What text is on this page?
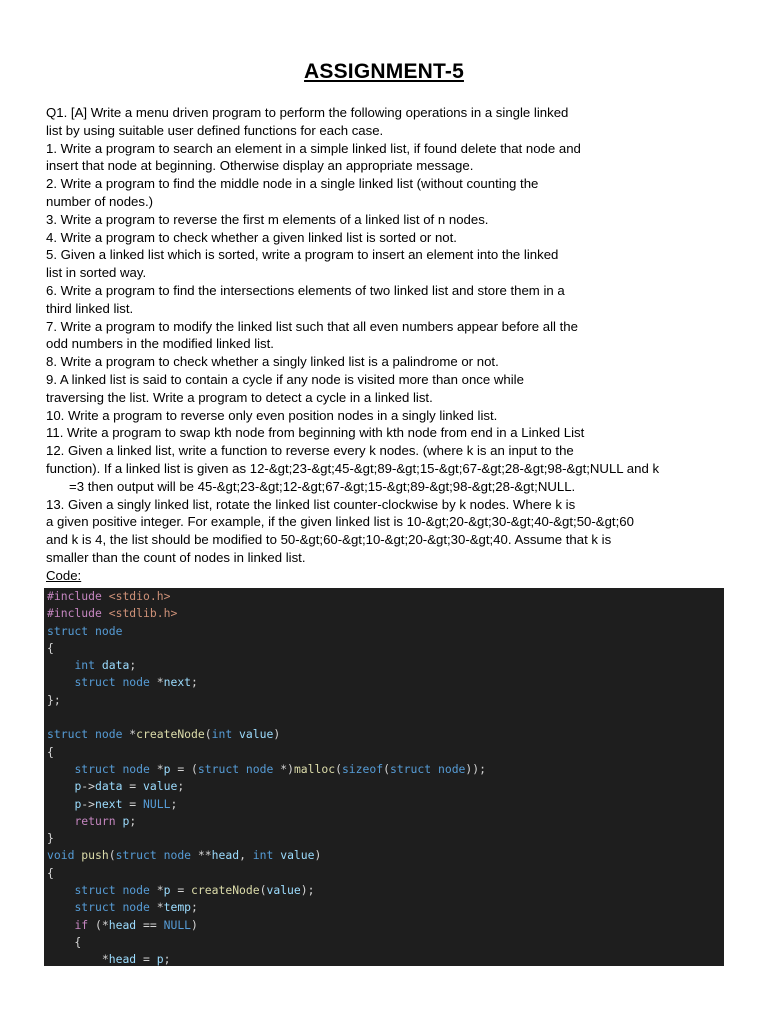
ASSIGNMENT-5
Q1. [A] Write a menu driven program to perform the following operations in a single linked
list by using suitable user defined functions for each case.
1. Write a program to search an element in a simple linked list, if found delete that node and
insert that node at beginning. Otherwise display an appropriate message.
2. Write a program to find the middle node in a single linked list (without counting the
number of nodes.)
3. Write a program to reverse the first m elements of a linked list of n nodes.
4. Write a program to check whether a given linked list is sorted or not.
5. Given a linked list which is sorted, write a program to insert an element into the linked
list in sorted way.
6. Write a program to find the intersections elements of two linked list and store them in a
third linked list.
7. Write a program to modify the linked list such that all even numbers appear before all the
odd numbers in the modified linked list.
8. Write a program to check whether a singly linked list is a palindrome or not.
9. A linked list is said to contain a cycle if any node is visited more than once while
traversing the list. Write a program to detect a cycle in a linked list.
10. Write a program to reverse only even position nodes in a singly linked list.
11. Write a program to swap kth node from beginning with kth node from end in a Linked List
12. Given a linked list, write a function to reverse every k nodes. (where k is an input to the
function). If a linked list is given as 12-&gt;23-&gt;45-&gt;89-&gt;15-&gt;67-&gt;28-&gt;98-&gt;NULL and k
=3 then output will be 45-&gt;23-&gt;12-&gt;67-&gt;15-&gt;89-&gt;98-&gt;28-&gt;NULL.
13. Given a singly linked list, rotate the linked list counter-clockwise by k nodes. Where k is
a given positive integer. For example, if the given linked list is 10-&gt;20-&gt;30-&gt;40-&gt;50-&gt;60
and k is 4, the list should be modified to 50-&gt;60-&gt;10-&gt;20-&gt;30-&gt;40. Assume that k is
smaller than the count of nodes in linked list.
Code:
#include <stdio.h>
#include <stdlib.h>
struct node
{
int data;
struct node *next;
};

struct node *createNode(int value)
{
struct node *p = (struct node *)malloc(sizeof(struct node));
p->data = value;
p->next = NULL;
return p;
}
void push(struct node **head, int value)
{
struct node *p = createNode(value);
struct node *temp;
if (*head == NULL)
{
*head = p;
